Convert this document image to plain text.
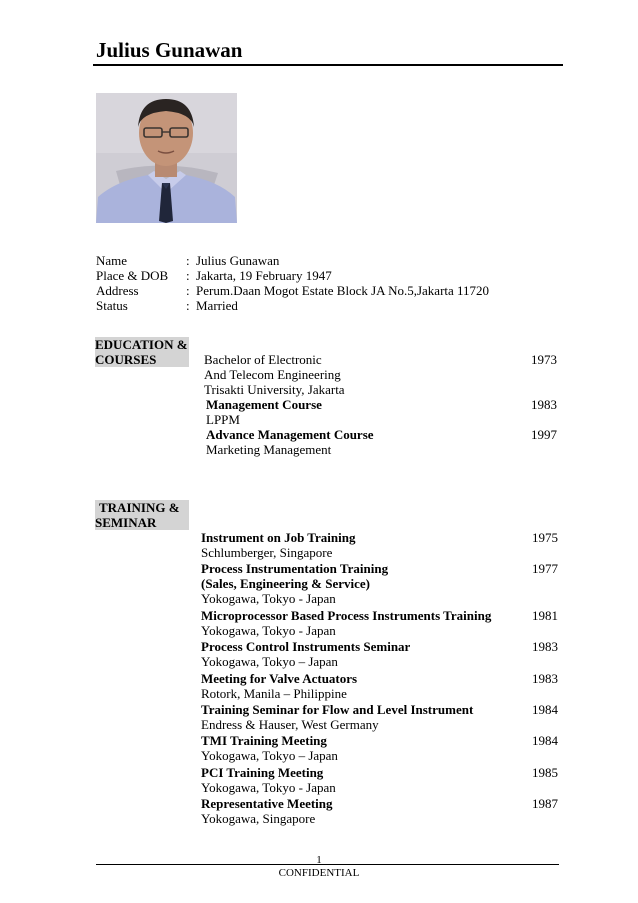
Julius Gunawan
Name	: Julius Gunawan
Place & DOB	: Jakarta, 19 February 1947
Address	: Perum.Daan Mogot Estate Block JA No.5,Jakarta 11720
Status	: Married
EDUCATION &
COURSES	Bachelor of Electronic
And Telecom Engineering
Trisakti University, Jakarta
1973
Management Course
LPPM
1983
Advance Management Course
Marketing Management
1997
TRAINING &
SEMINAR
Instrument on Job Training
Schlumberger, Singapore
1975
Process Instrumentation Training
(Sales, Engineering & Service)
Yokogawa, Tokyo - Japan
1977
Microprocessor Based Process Instruments Training
Yokogawa, Tokyo - Japan
1981
Process Control Instruments Seminar
Yokogawa, Tokyo – Japan
1983
Meeting for Valve Actuators
Rotork, Manila – Philippine
1983
Training Seminar for Flow and Level Instrument
Endress & Hauser, West Germany
1984
TMI Training Meeting
Yokogawa, Tokyo – Japan
1984
PCI Training Meeting
Yokogawa, Tokyo - Japan
1985
Representative Meeting
Yokogawa, Singapore
1987
1
CONFIDENTIAL
